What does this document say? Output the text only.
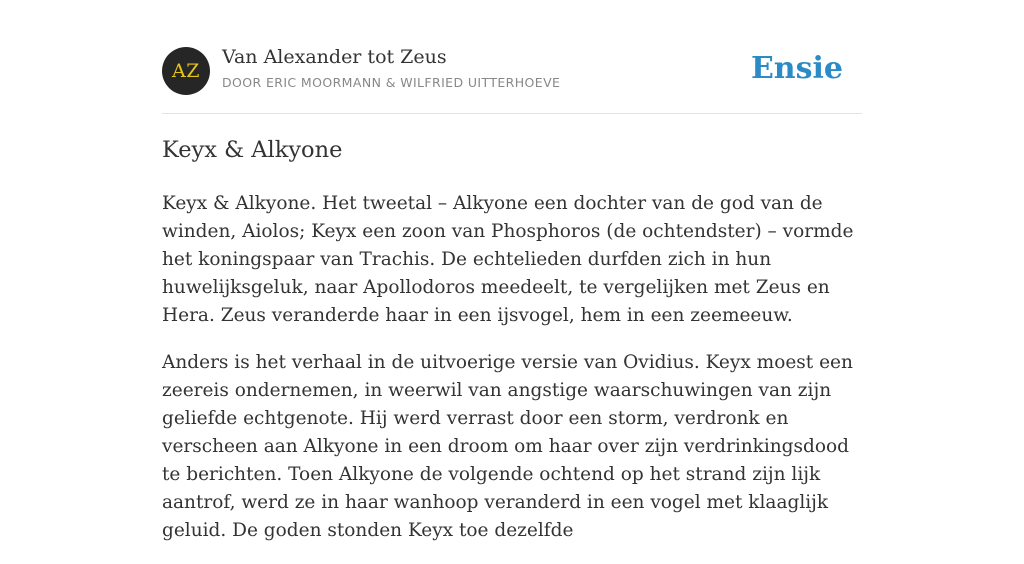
AZ
Van Alexander tot Zeus
DOOR ERIC MOORMANN & WILFRIED UITTERHOEVE	Ensie
Keyx & Alkyone

Keyx & Alkyone. Het tweetal – Alkyone een dochter van de god van de winden, Aiolos; Keyx een zoon van Phosphoros (de ochtendster) – vormde het koningspaar van Trachis. De echtelieden durfden zich in hun huwelijksgeluk, naar Apollodoros meedeelt, te vergelijken met Zeus en Hera. Zeus veranderde haar in een ijsvogel, hem in een zeemeeuw.

Anders is het verhaal in de uitvoerige versie van Ovidius. Keyx moest een zeereis ondernemen, in weerwil van angstige waarschuwingen van zijn geliefde echtgenote. Hij werd verrast door een storm, verdronk en verscheen aan Alkyone in een droom om haar over zijn verdrinkingsdood te berichten. Toen Alkyone de volgende ochtend op het strand zijn lijk aantrof, werd ze in haar wanhoop veranderd in een vogel met klaaglijk geluid. De goden stonden Keyx toe dezelfde
